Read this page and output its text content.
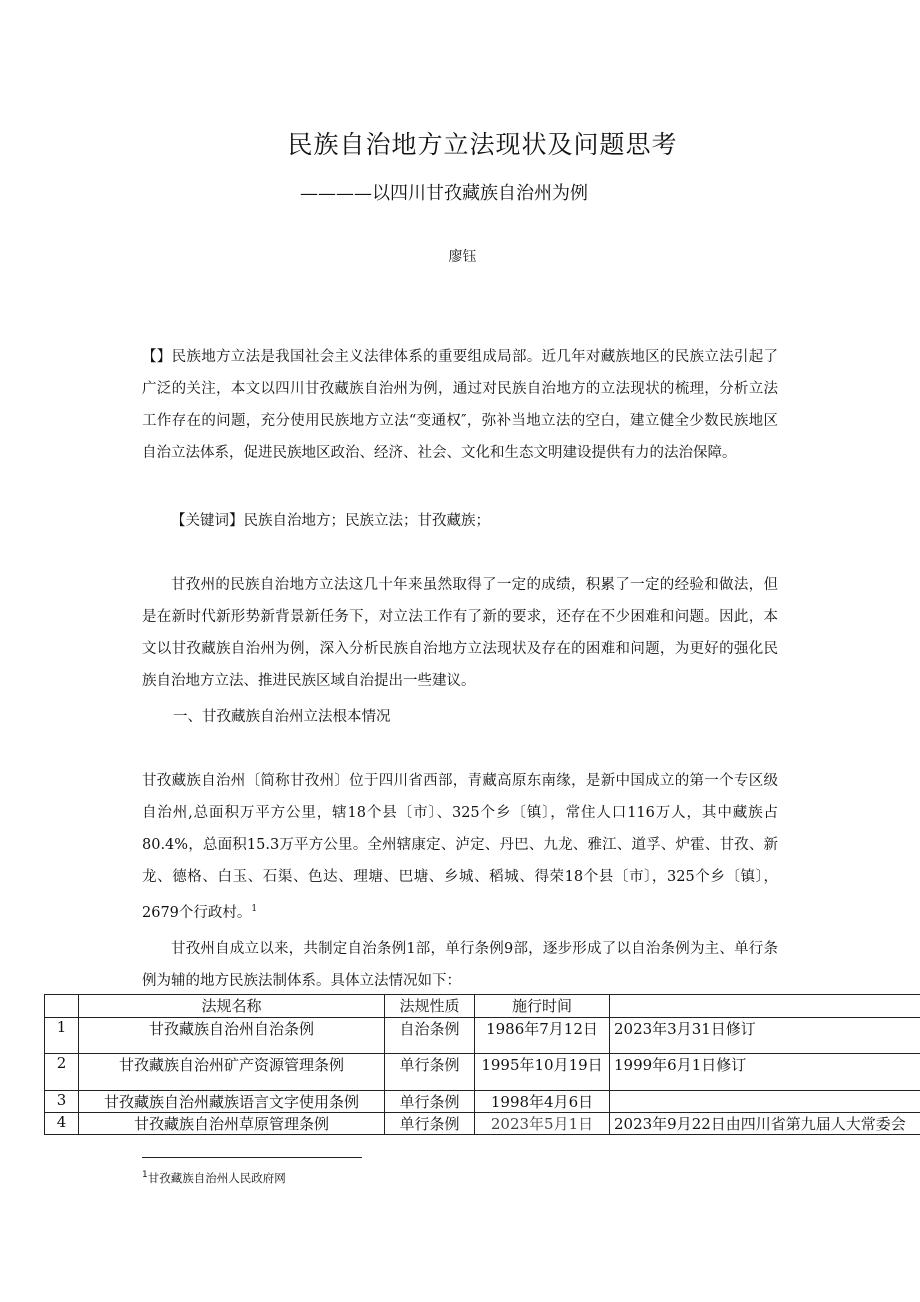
民族自治地方立法现状及问题思考
————以四川甘孜藏族自治州为例
廖钰

【】民族地方立法是我国社会主义法律体系的重要组成局部。近几年对藏族地区的民族立法引起了广泛的关注，本文以四川甘孜藏族自治州为例，通过对民族自治地方的立法现状的梳理，分析立法工作存在的问题，充分使用民族地方立法“变通权″，弥补当地立法的空白，建立健全少数民族地区自治立法体系，促进民族地区政治、经济、社会、文化和生态文明建设提供有力的法治保障。

【关键词】民族自治地方；民族立法；甘孜藏族；

甘孜州的民族自治地方立法这几十年来虽然取得了一定的成绩，积累了一定的经验和做法，但是在新时代新形势新背景新任务下，对立法工作有了新的要求，还存在不少困难和问题。因此，本文以甘孜藏族自治州为例，深入分析民族自治地方立法现状及存在的困难和问题，为更好的强化民族自治地方立法、推进民族区域自治提出一些建议。

一、甘孜藏族自治州立法根本情况

甘孜藏族自治州〔简称甘孜州〕位于四川省西部，青藏高原东南缘，是新中国成立的第一个专区级自治州,总面积万平方公里，辖18个县〔市〕、325个乡〔镇〕，常住人口116万人，其中藏族占80.4%，总面积15.3万平方公里。全州辖康定、泸定、丹巴、九龙、雅江、道孚、炉霍、甘孜、新龙、德格、白玉、石渠、色达、理塘、巴塘、乡城、稻城、得荣18个县〔市〕，325个乡〔镇〕，2679个行政村。$^1$

甘孜州自成立以来，共制定自治条例1部，单行条例9部，逐步形成了以自治条例为主、单行条例为辅的地方民族法制体系。具体立法情况如下：

	法规名称	法规性质	施行时间	
1	甘孜藏族自治州自治条例	自治条例	1986年7月12日	2023年3月31日修订
2	甘孜藏族自治州矿产资源管理条例	单行条例	1995年10月19日	1999年6月1日修订
3	甘孜藏族自治州藏族语言文字使用条例	单行条例	1998年4月6日	
4	甘孜藏族自治州草原管理条例	单行条例	2023年5月1日	2023年9月22日由四川省第九届人大常委会
$^1$甘孜藏族自治州人民政府网
